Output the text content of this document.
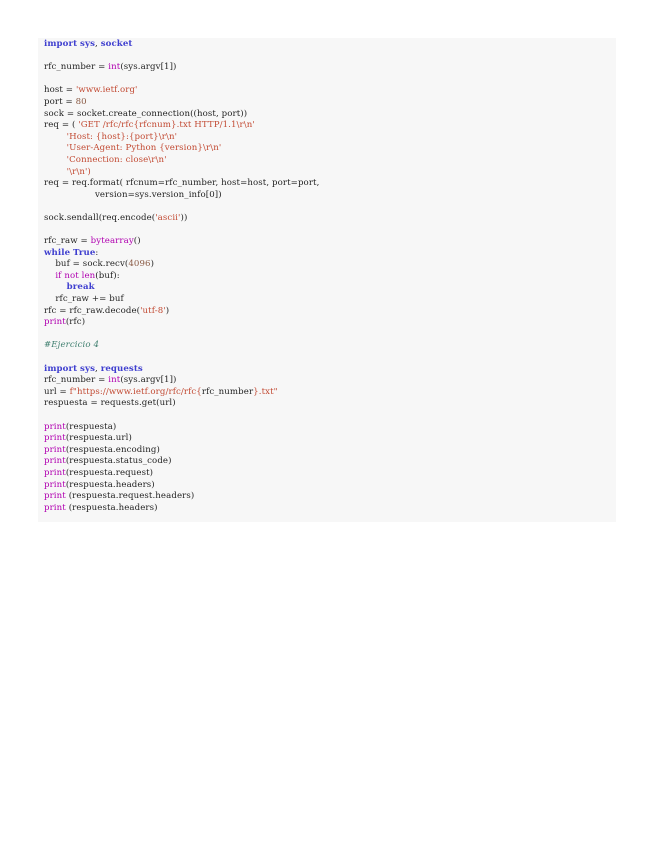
import sys, socket
rfc_number = int(sys.argv[1])
host = 'www.ietf.org'
port = 80
sock = socket.create_connection((host, port))
req = ( 'GET /rfc/rfc{rfcnum}.txt HTTP/1.1\r\n'
'Host: {host}:{port}\r\n'
'User-Agent: Python {version}\r\n'
'Connection: close\r\n'
'\r\n')
req = req.format( rfcnum=rfc_number, host=host, port=port,
version=sys.version_info[0])
sock.sendall(req.encode('ascii'))
rfc_raw = bytearray()
while True:
buf = sock.recv(4096)
if not len(buf):
break
rfc_raw += buf
rfc = rfc_raw.decode('utf-8')
print(rfc)
#Ejercicio 4
import sys, requests
rfc_number = int(sys.argv[1])
url = f"https://www.ietf.org/rfc/rfc{rfc_number}.txt"
respuesta = requests.get(url)
print(respuesta)
print(respuesta.url)
print(respuesta.encoding)
print(respuesta.status_code)
print(respuesta.request)
print(respuesta.headers)
print (respuesta.request.headers)
print (respuesta.headers)
